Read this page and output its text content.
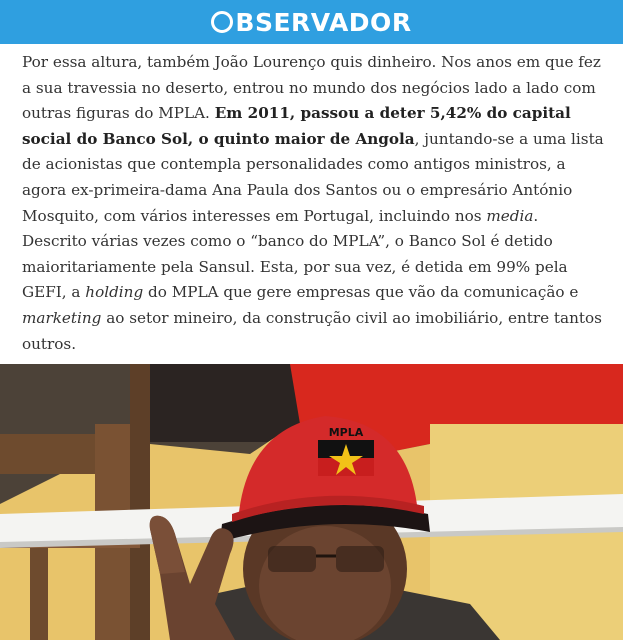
BSERVADOR

Por essa altura, também João Lourenço quis dinheiro. Nos anos em que fez a sua travessia no deserto, entrou no mundo dos negócios lado a lado com outras figuras do MPLA. Em 2011, passou a deter 5,42% do capital social do Banco Sol, o quinto maior de Angola, juntando-se a uma lista de acionistas que contempla personalidades como antigos ministros, a agora ex-primeira-dama Ana Paula dos Santos ou o empresário António Mosquito, com vários interesses em Portugal, incluindo nos media. Descrito várias vezes como o “banco do MPLA”, o Banco Sol é detido maioritariamente pela Sansul. Esta, por sua vez, é detida em 99% pela GEFI, a holding do MPLA que gere empresas que vão da comunicação e marketing ao setor mineiro, da construção civil ao imobiliário, entre tantos outros.

MPLA
